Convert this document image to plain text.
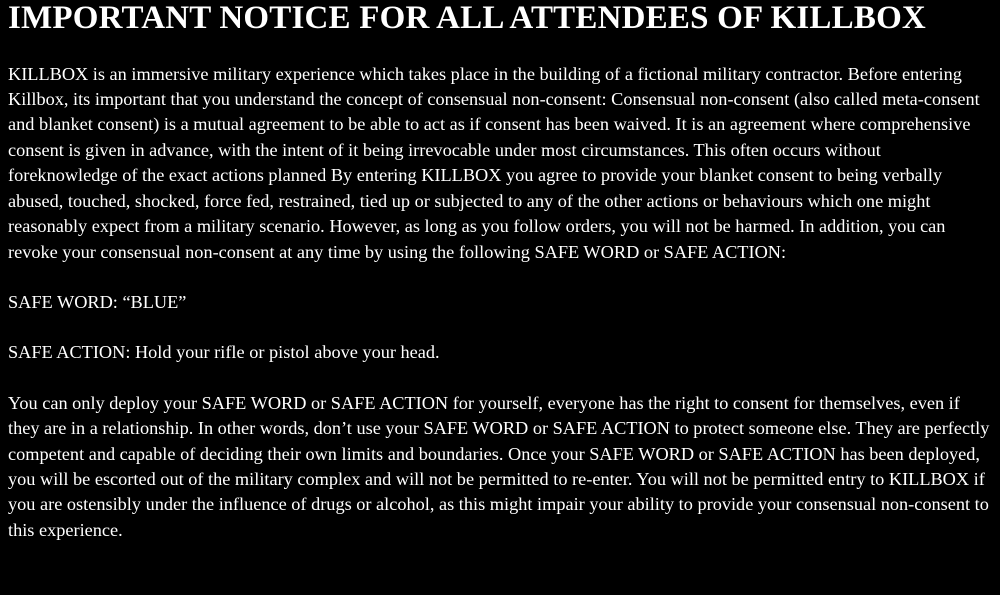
IMPORTANT NOTICE FOR ALL ATTENDEES OF KILLBOX

KILLBOX is an immersive military experience which takes place in the building of a fictional military contractor. Before entering Killbox, its important that you understand the concept of consensual non-consent: Consensual non-consent (also called meta-consent and blanket consent) is a mutual agreement to be able to act as if consent has been waived. It is an agreement where comprehensive consent is given in advance, with the intent of it being irrevocable under most circumstances. This often occurs without foreknowledge of the exact actions planned By entering KILLBOX you agree to provide your blanket consent to being verbally abused, touched, shocked, force fed, restrained, tied up or subjected to any of the other actions or behaviours which one might reasonably expect from a military scenario. However, as long as you follow orders, you will not be harmed. In addition, you can revoke your consensual non-consent at any time by using the following SAFE WORD or SAFE ACTION:

SAFE WORD: “BLUE”

SAFE ACTION: Hold your rifle or pistol above your head.

You can only deploy your SAFE WORD or SAFE ACTION for yourself, everyone has the right to consent for themselves, even if they are in a relationship. In other words, don’t use your SAFE WORD or SAFE ACTION to protect someone else. They are perfectly competent and capable of deciding their own limits and boundaries. Once your SAFE WORD or SAFE ACTION has been deployed, you will be escorted out of the military complex and will not be permitted to re-enter. You will not be permitted entry to KILLBOX if you are ostensibly under the influence of drugs or alcohol, as this might impair your ability to provide your consensual non-consent to this experience.
